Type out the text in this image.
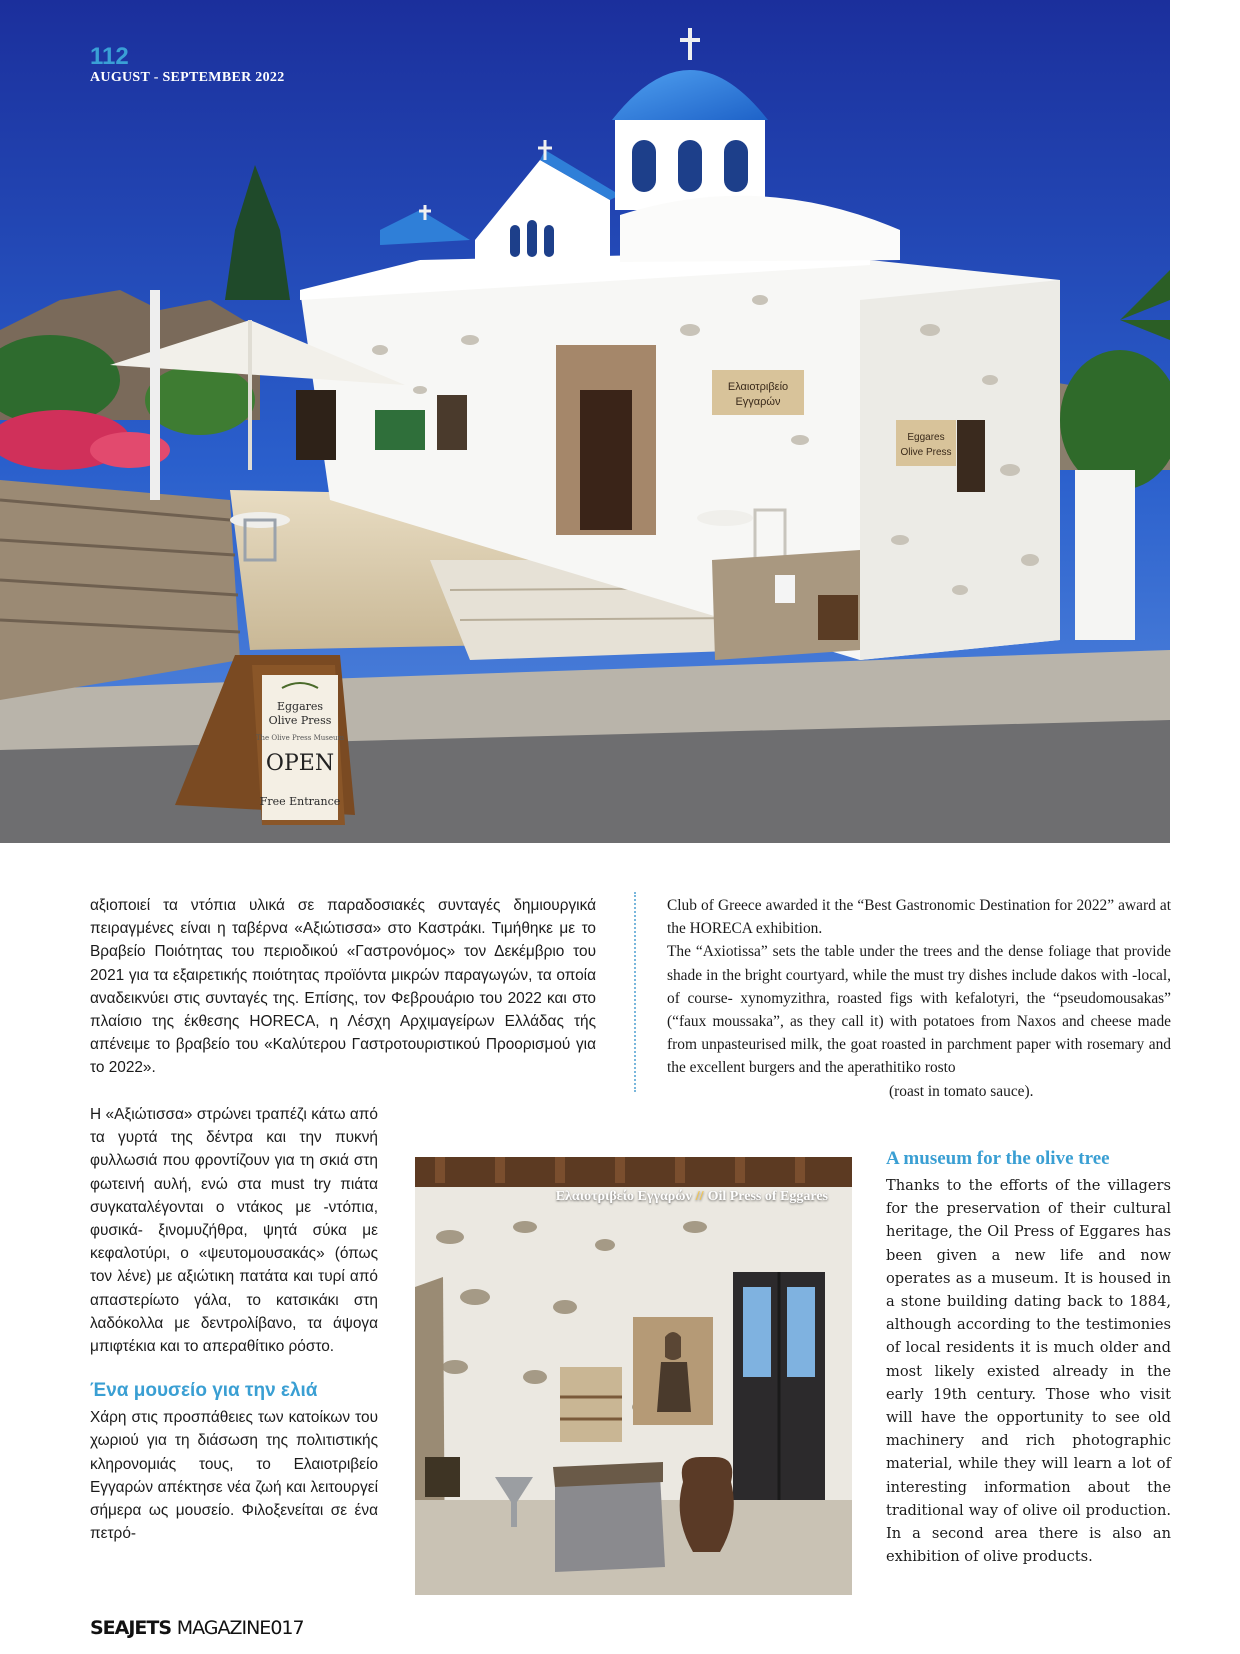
Ελαιοτριβείο
Εγγαρών
Eggares
Olive Press
Eggares
Olive Press
The Olive Press Museum
OPEN
Free Entrance
112
AUGUST - SEPTEMBER 2022

αξιοποιεί τα ντόπια υλικά σε παραδοσιακές συνταγές δημιουργικά πειραγμένες είναι η ταβέρνα «Αξιώτισσα» στο Καστράκι. Τιμήθηκε με το Βραβείο Ποιότητας του περιοδικού «Γαστρονόμος» τον Δεκέμβριο του 2021 για τα εξαιρετικής ποιότητας προϊόντα μικρών παραγωγών, τα οποία αναδεικνύει στις συνταγές της. Επίσης, τον Φεβρουάριο του 2022 και στο πλαίσιο της έκθεσης HORECA, η Λέσχη Αρχιμαγείρων Ελλάδας τής απένειμε το βραβείο του «Καλύτερου Γαστροτουριστικού Προορισμού για το 2022».

Η «Αξιώτισσα» στρώνει τραπέζι κάτω από τα γυρτά της δέντρα και την πυκνή φυλλωσιά που φροντίζουν για τη σκιά στη φωτεινή αυλή, ενώ στα must try πιάτα συγκαταλέγονται ο ντάκος με -ντόπια, φυσικά- ξινομυζήθρα, ψητά σύκα με κεφαλοτύρι, ο «ψευτομουσακάς» (όπως τον λένε) με αξιώτικη πατάτα και τυρί από απαστερίωτο γάλα, το κατσικάκι στη λαδόκολλα με δεντρολίβανο, τα άψογα μπιφτέκια και το απεραθίτικο ρόστο.

Ένα μουσείο για την ελιά

Χάρη στις προσπάθειες των κατοίκων του χωριού για τη διάσωση της πολιτιστικής κληρονομιάς τους, το Ελαιοτριβείο Εγγαρών απέκτησε νέα ζωή και λειτουργεί σήμερα ως μουσείο. Φιλοξενείται σε ένα πετρό-

Club of Greece awarded it the “Best Gastronomic Destination for 2022” award at the HORECA exhibition.

The “Axiotissa” sets the table under the trees and the dense foliage that provide shade in the bright courtyard, while the must try dishes include dakos with -local, of course- xynomyzithra, roasted figs with kefalotyri, the “pseudomousakas” (“faux moussaka”, as they call it) with potatoes from Naxos and cheese made from unpasteurised milk, the goat roasted in parchment paper with rosemary and the excellent burgers and the aperathitiko rosto

(roast in tomato sauce).
A museum for the olive tree

Thanks to the efforts of the villagers for the preservation of their cultural heritage, the Oil Press of Eggares has been given a new life and now operates as a museum. It is housed in a stone building dating back to 1884, although according to the testimonies of local residents it is much older and most likely existed already in the early 19th century. Those who visit will have the opportunity to see old machinery and rich photographic material, while they will learn a lot of interesting information about the traditional way of olive oil production. In a second area there is also an exhibition of olive products.

Ελαιοτριβείο Εγγαρών // Oil Press of Eggares
SEAJETS MAGAZINE017
